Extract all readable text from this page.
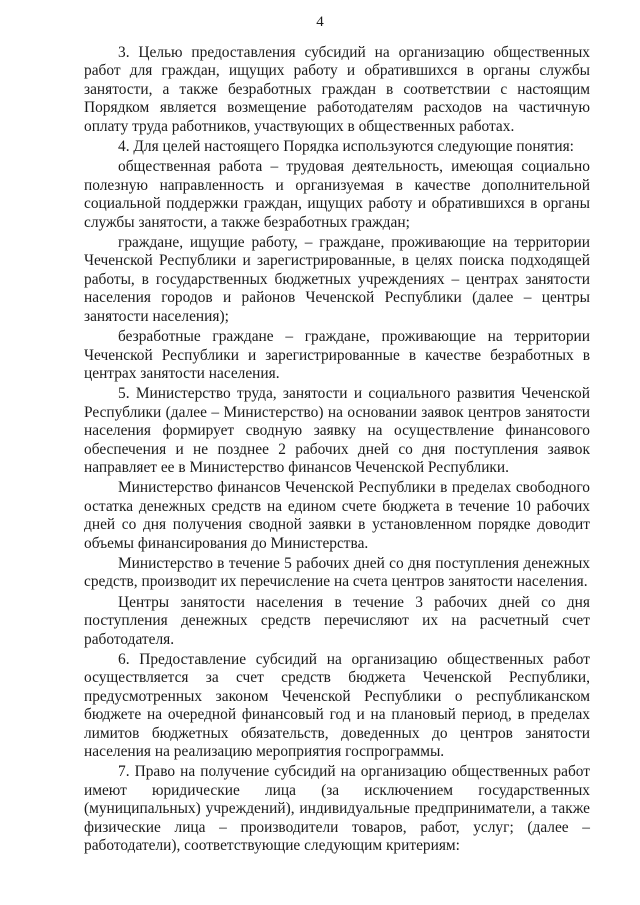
4

3. Целью предоставления субсидий на организацию общественных работ для граждан, ищущих работу и обратившихся в органы службы занятости, а также безработных граждан в соответствии с настоящим Порядком является возмещение работодателям расходов на частичную оплату труда работников, участвующих в общественных работах.

4. Для целей настоящего Порядка используются следующие понятия:

общественная работа – трудовая деятельность, имеющая социально полезную направленность и организуемая в качестве дополнительной социальной поддержки граждан, ищущих работу и обратившихся в органы службы занятости, а также безработных граждан;

граждане, ищущие работу, – граждане, проживающие на территории Чеченской Республики и зарегистрированные, в целях поиска подходящей работы, в государственных бюджетных учреждениях – центрах занятости населения городов и районов Чеченской Республики (далее – центры занятости населения);

безработные граждане – граждане, проживающие на территории Чеченской Республики и зарегистрированные в качестве безработных в центрах занятости населения.

5. Министерство труда, занятости и социального развития Чеченской Республики (далее – Министерство) на основании заявок центров занятости населения формирует сводную заявку на осуществление финансового обеспечения и не позднее 2 рабочих дней со дня поступления заявок направляет ее в Министерство финансов Чеченской Республики.

Министерство финансов Чеченской Республики в пределах свободного остатка денежных средств на едином счете бюджета в течение 10 рабочих дней со дня получения сводной заявки в установленном порядке доводит объемы финансирования до Министерства.

Министерство в течение 5 рабочих дней со дня поступления денежных средств, производит их перечисление на счета центров занятости населения.

Центры занятости населения в течение 3 рабочих дней со дня поступления денежных средств перечисляют их на расчетный счет работодателя.

6. Предоставление субсидий на организацию общественных работ осуществляется за счет средств бюджета Чеченской Республики, предусмотренных законом Чеченской Республики о республиканском бюджете на очередной финансовый год и на плановый период, в пределах лимитов бюджетных обязательств, доведенных до центров занятости населения на реализацию мероприятия госпрограммы.

7. Право на получение субсидий на организацию общественных работ имеют юридические лица (за исключением государственных (муниципальных) учреждений), индивидуальные предприниматели, а также физические лица – производители товаров, работ, услуг; (далее – работодатели), соответствующие следующим критериям:
